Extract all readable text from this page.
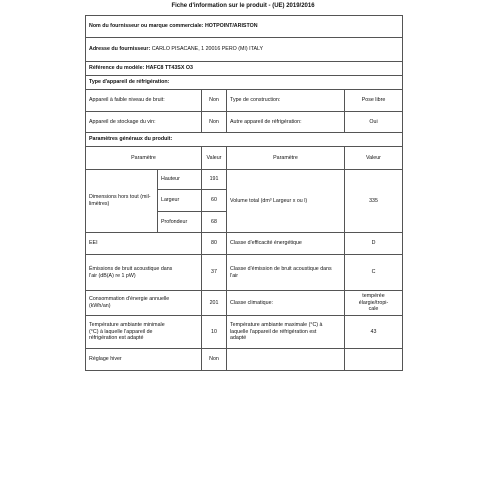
Fiche d'information sur le produit - (UE) 2019/2016
Nom du fournisseur ou marque commerciale: HOTPOINT/ARISTON				
Adresse du fournisseur: CARLO PISACANE, 1 20016 PERO (MI) ITALY				
Référence du modèle: HAFC8 TT43SX O3				
Type d'appareil de réfrigération:				
Appareil à faible niveau de bruit:		Non	Type de construction:	Pose libre
Appareil de stockage du vin:		Non	Autre appareil de réfrigération:	Oui
Paramètres généraux du produit:				
Paramètre		Valeur	Paramètre	Valeur

Dimensions hors tout (mil-
limètres)	Hauteur	191	Volume total (dm³ Largeur x ou l)	335
	Largeur	60		
	Profondeur	68		

EEI		80	Classe d'efficacité énergétique	D

Émissions de bruit acoustique dans
l'air (dB(A) re 1 pW)		37	Classe d'émission de bruit acoustique dans
l'air	C

Consommation d'énergie annuelle
(kWh/an)		201	Classe climatique:	tempérée élargie/tropi-
cale

Température ambiante minimale
(°C) à laquelle l'appareil de
réfrigération est adapté		10	Température ambiante maximale (°C) à
laquelle l'appareil de réfrigération est
adapté	43
Réglage hiver		Non		
